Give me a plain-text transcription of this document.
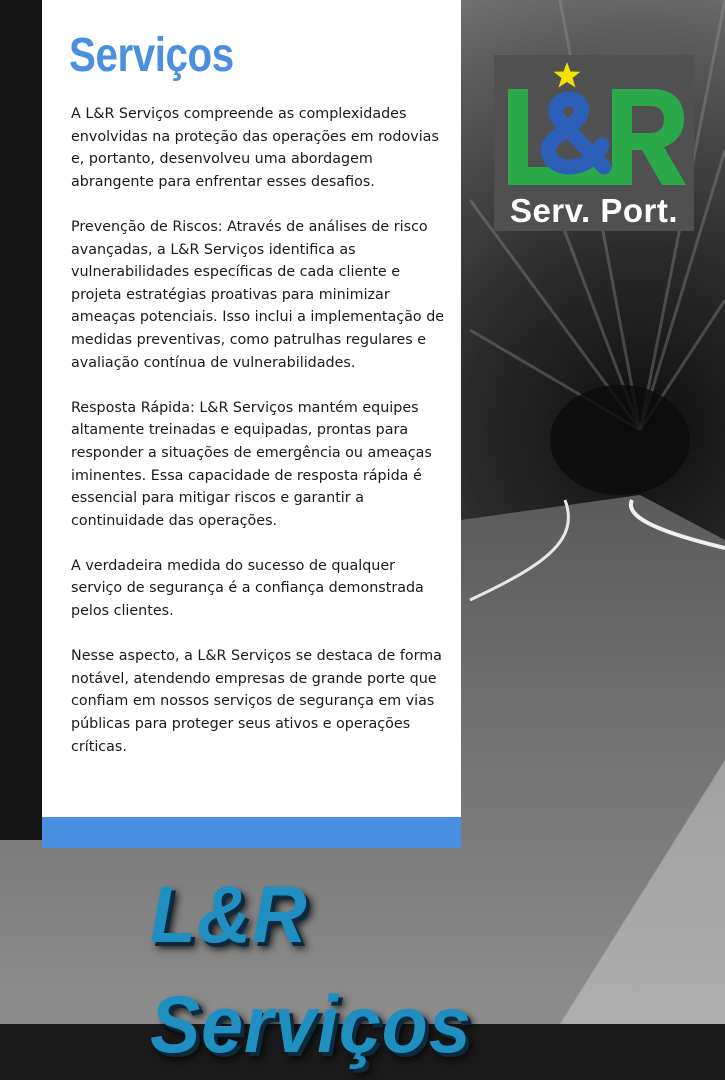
Serviços

A L&R Serviços compreende as complexidades envolvidas na proteção das operações em rodovias e, portanto, desenvolveu uma abordagem abrangente para enfrentar esses desafios.

Prevenção de Riscos: Através de análises de risco avançadas, a L&R Serviços identifica as vulnerabilidades específicas de cada cliente e projeta estratégias proativas para minimizar ameaças potenciais. Isso inclui a implementação de medidas preventivas, como patrulhas regulares e avaliação contínua de vulnerabilidades.

Resposta Rápida: L&R Serviços mantém equipes altamente treinadas e equipadas, prontas para responder a situações de emergência ou ameaças iminentes. Essa capacidade de resposta rápida é essencial para mitigar riscos e garantir a continuidade das operações.

A verdadeira medida do sucesso de qualquer serviço de segurança é a confiança demonstrada pelos clientes.

Nesse aspecto, a L&R Serviços se destaca de forma notável, atendendo empresas de grande porte que confiam em nossos serviços de segurança em vias públicas para proteger seus ativos e operações críticas.

Serv. Port.
L&R Serviços
